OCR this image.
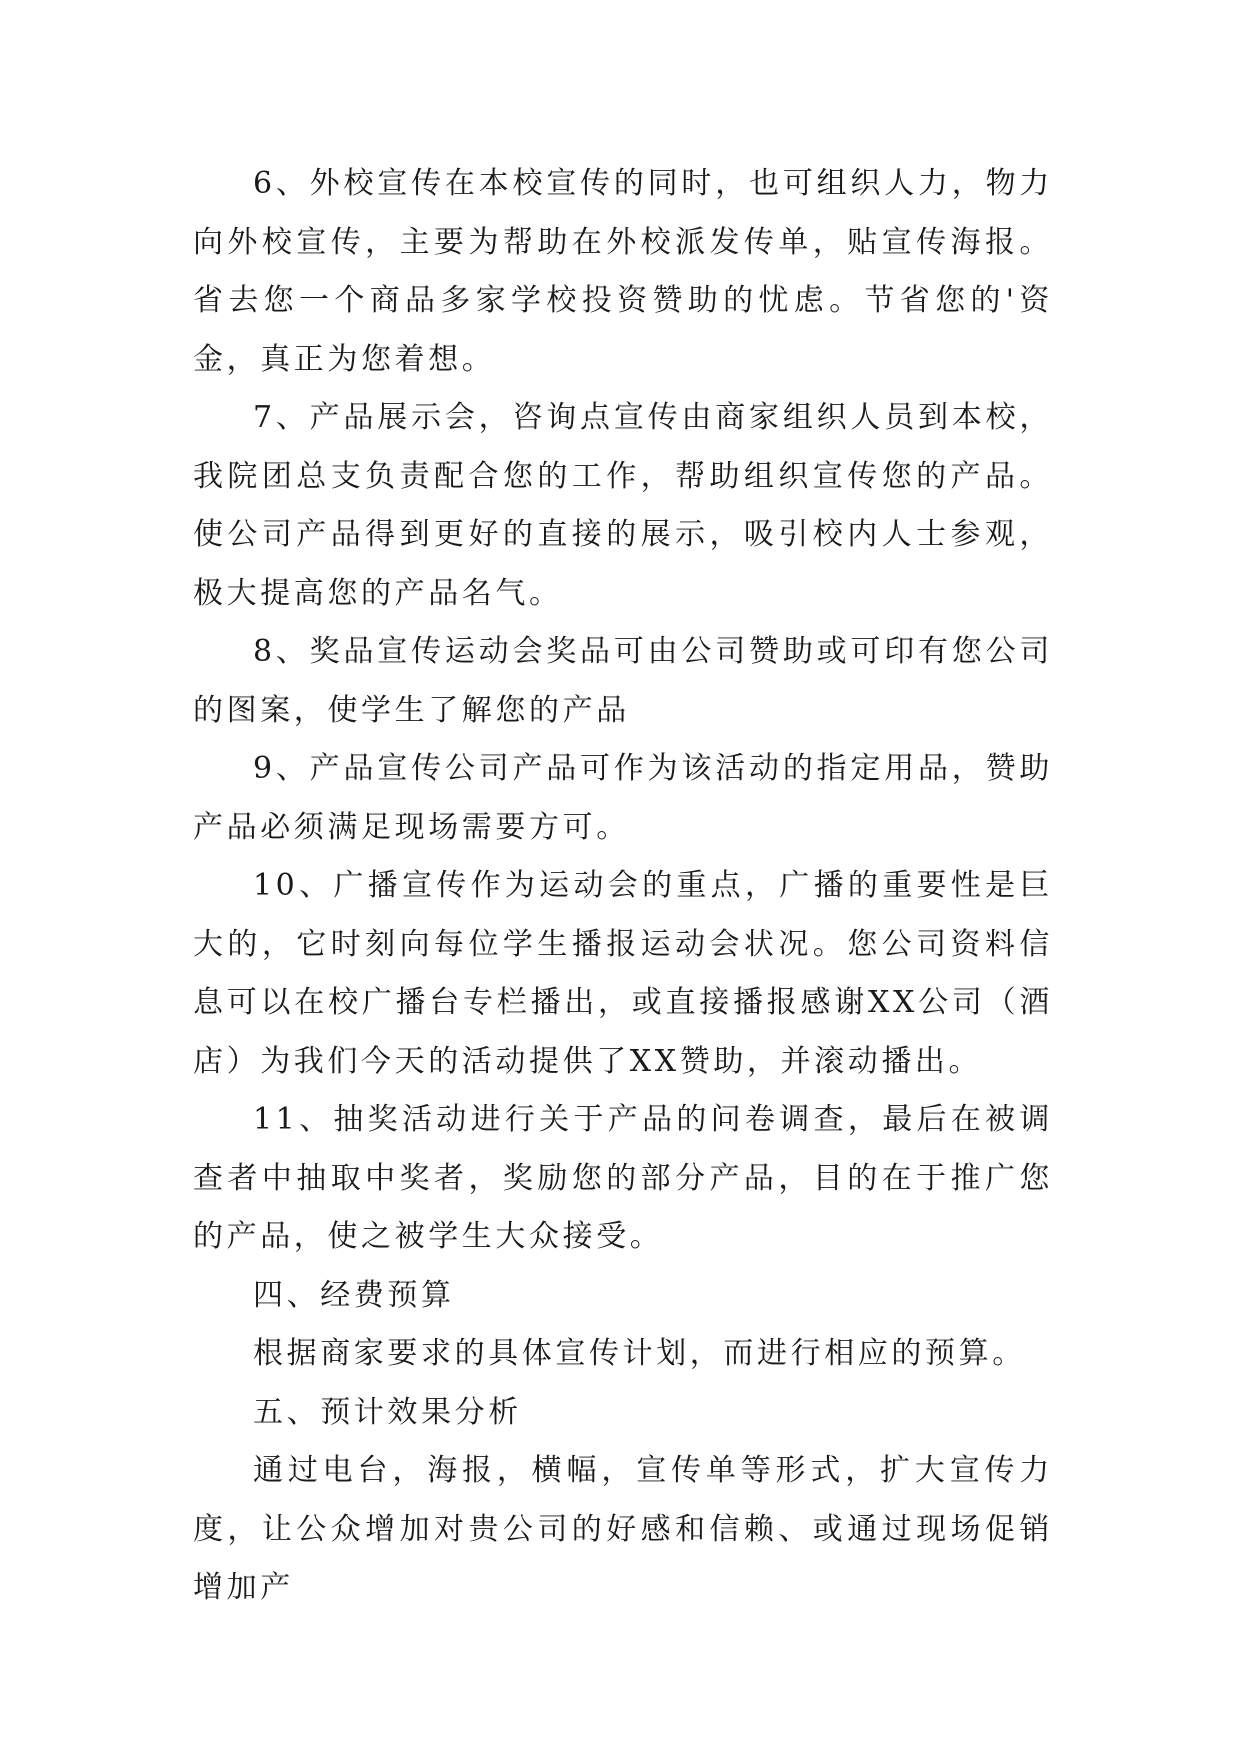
6、外校宣传在本校宣传的同时，也可组织人力，物力向外校宣传，主要为帮助在外校派发传单，贴宣传海报。省去您一个商品多家学校投资赞助的忧虑。节省您的'资金，真正为您着想。

7、产品展示会，咨询点宣传由商家组织人员到本校，我院团总支负责配合您的工作，帮助组织宣传您的产品。使公司产品得到更好的直接的展示，吸引校内人士参观，极大提高您的产品名气。

8、奖品宣传运动会奖品可由公司赞助或可印有您公司的图案，使学生了解您的产品

9、产品宣传公司产品可作为该活动的指定用品，赞助产品必须满足现场需要方可。

10、广播宣传作为运动会的重点，广播的重要性是巨大的，它时刻向每位学生播报运动会状况。您公司资料信息可以在校广播台专栏播出，或直接播报感谢XX公司（酒店）为我们今天的活动提供了XX赞助，并滚动播出。

11、抽奖活动进行关于产品的问卷调查，最后在被调查者中抽取中奖者，奖励您的部分产品，目的在于推广您的产品，使之被学生大众接受。

四、经费预算

根据商家要求的具体宣传计划，而进行相应的预算。

五、预计效果分析

通过电台，海报，横幅，宣传单等形式，扩大宣传力度，让公众增加对贵公司的好感和信赖、或通过现场促销增加产
